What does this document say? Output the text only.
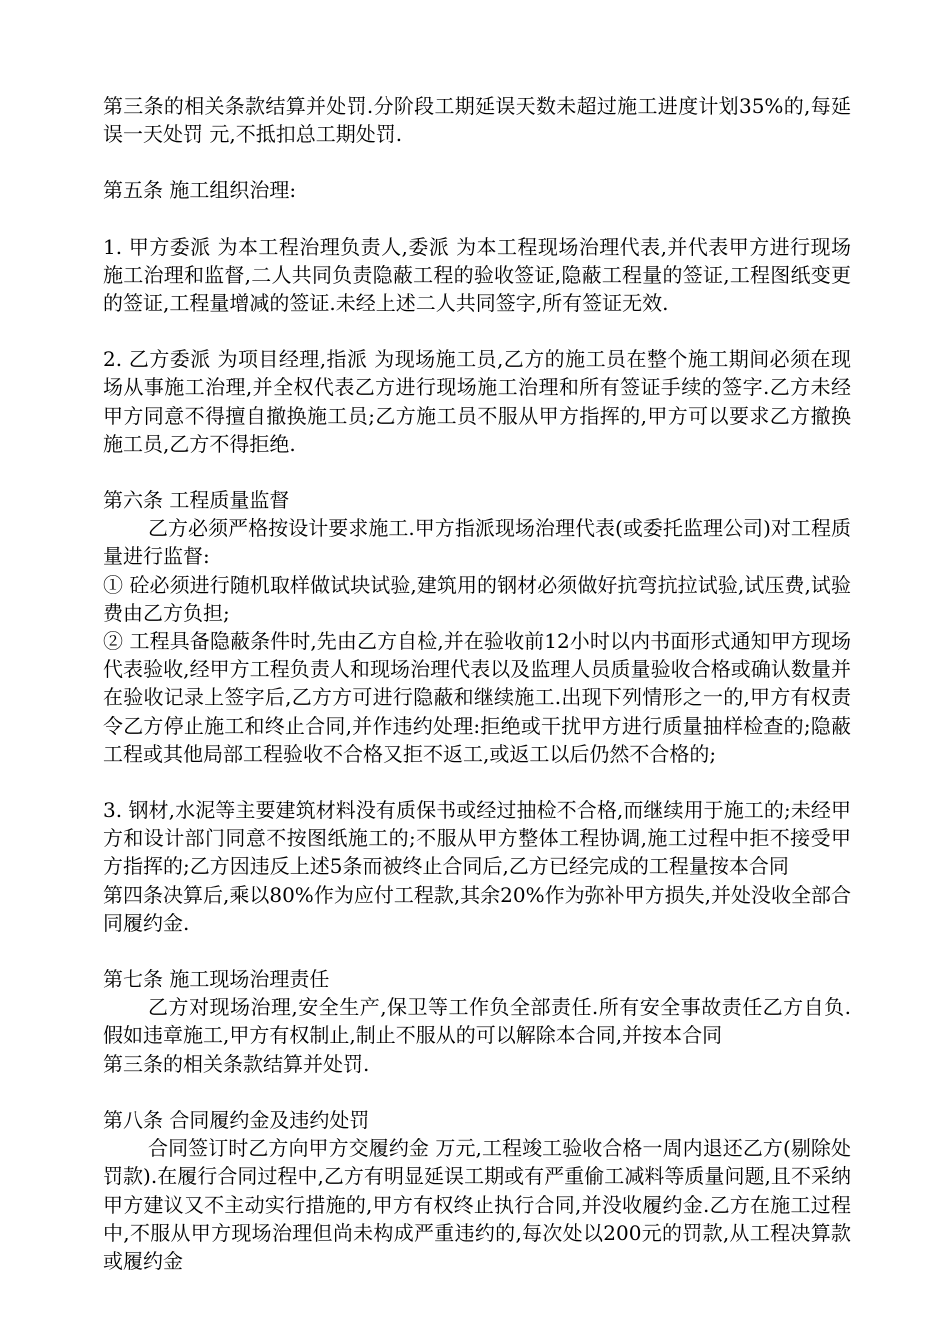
第三条的相关条款结算并处罚.分阶段工期延误天数未超过施工进度计划35%的,每延误一天处罚 元,不抵扣总工期处罚.

第五条 施工组织治理:

1. 甲方委派 为本工程治理负责人,委派 为本工程现场治理代表,并代表甲方进行现场施工治理和监督,二人共同负责隐蔽工程的验收签证,隐蔽工程量的签证,工程图纸变更的签证,工程量增减的签证.未经上述二人共同签字,所有签证无效.

2. 乙方委派 为项目经理,指派 为现场施工员,乙方的施工员在整个施工期间必须在现场从事施工治理,并全权代表乙方进行现场施工治理和所有签证手续的签字.乙方未经甲方同意不得擅自撤换施工员;乙方施工员不服从甲方指挥的,甲方可以要求乙方撤换施工员,乙方不得拒绝.

第六条 工程质量监督

乙方必须严格按设计要求施工.甲方指派现场治理代表(或委托监理公司)对工程质量进行监督:

① 砼必须进行随机取样做试块试验,建筑用的钢材必须做好抗弯抗拉试验,试压费,试验费由乙方负担;

② 工程具备隐蔽条件时,先由乙方自检,并在验收前12小时以内书面形式通知甲方现场代表验收,经甲方工程负责人和现场治理代表以及监理人员质量验收合格或确认数量并在验收记录上签字后,乙方方可进行隐蔽和继续施工.出现下列情形之一的,甲方有权责令乙方停止施工和终止合同,并作违约处理:拒绝或干扰甲方进行质量抽样检查的;隐蔽工程或其他局部工程验收不合格又拒不返工,或返工以后仍然不合格的;

3. 钢材,水泥等主要建筑材料没有质保书或经过抽检不合格,而继续用于施工的;未经甲方和设计部门同意不按图纸施工的;不服从甲方整体工程协调,施工过程中拒不接受甲方指挥的;乙方因违反上述5条而被终止合同后,乙方已经完成的工程量按本合同

第四条决算后,乘以80%作为应付工程款,其余20%作为弥补甲方损失,并处没收全部合同履约金.

第七条 施工现场治理责任

乙方对现场治理,安全生产,保卫等工作负全部责任.所有安全事故责任乙方自负.假如违章施工,甲方有权制止,制止不服从的可以解除本合同,并按本合同

第三条的相关条款结算并处罚.

第八条 合同履约金及违约处罚

合同签订时乙方向甲方交履约金 万元,工程竣工验收合格一周内退还乙方(剔除处罚款).在履行合同过程中,乙方有明显延误工期或有严重偷工减料等质量问题,且不采纳甲方建议又不主动实行措施的,甲方有权终止执行合同,并没收履约金.乙方在施工过程中,不服从甲方现场治理但尚未构成严重违约的,每次处以200元的罚款,从工程决算款或履约金
